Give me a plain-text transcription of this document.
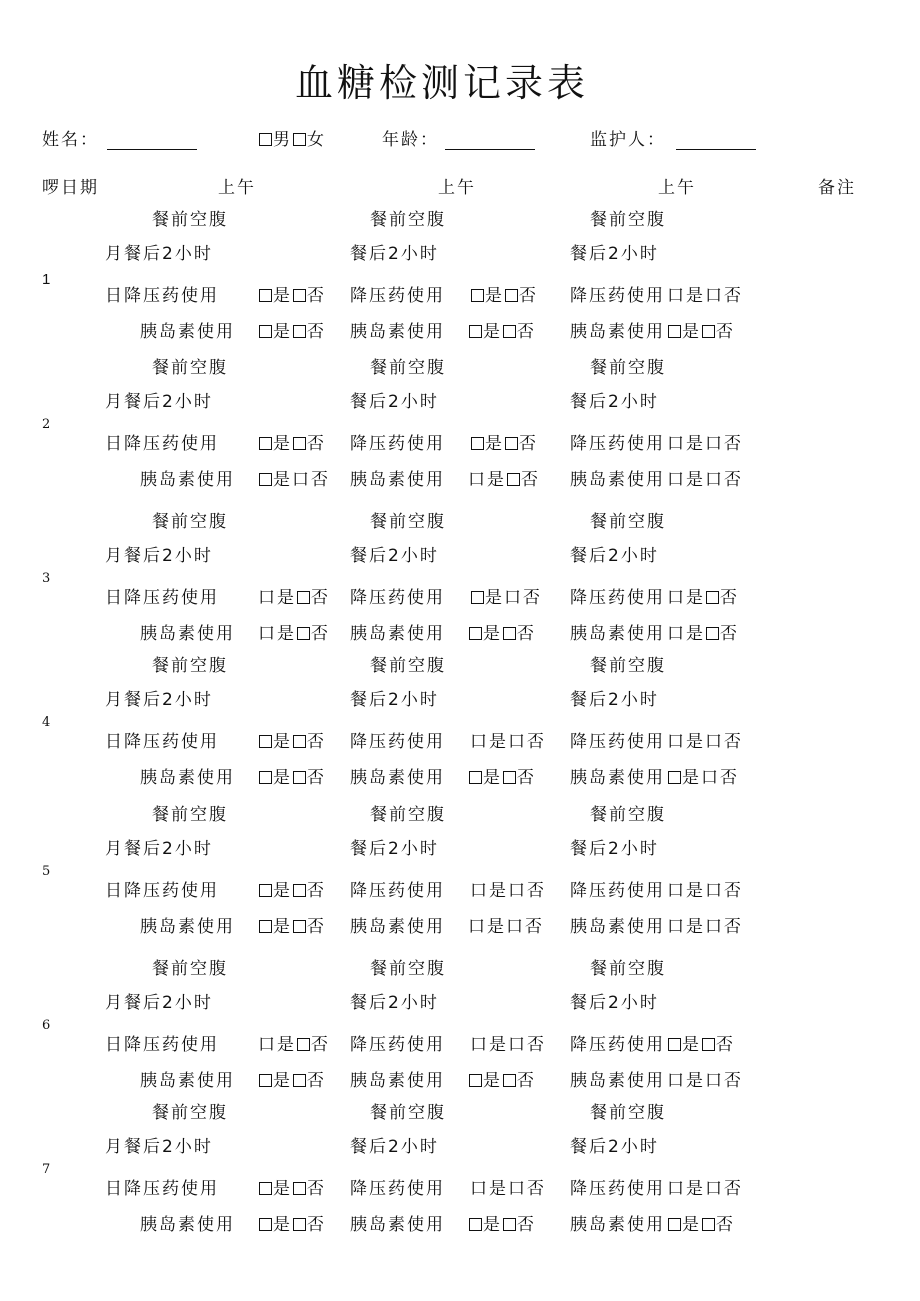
血糖检测记录表
姓名：	男 女	年龄：	监护人：
啰日期	上午	上午	上午	备注
1
餐前空腹	餐前空腹	餐前空腹
月餐后2小时	餐后2小时	餐后2小时
日降压药使用	是 否 降压药使用	是 否 降压药使用 口是口否
胰岛素使用	是 否 胰岛素使用	是 否 胰岛素使用	是 否
2
餐前空腹	餐前空腹	餐前空腹
月餐后2小时	餐后2小时	餐后2小时
日降压药使用	是 否 降压药使用	是 否 降压药使用 口是口否
胰岛素使用	是口否 胰岛素使用 口是 否 胰岛素使用 口是口否
3
餐前空腹	餐前空腹	餐前空腹
月餐后2小时	餐后2小时	餐后2小时
日降压药使用 口是 否 降压药使用	是口否 降压药使用 口是 否
胰岛素使用 口是 否 胰岛素使用	是 否 胰岛素使用 口是 否
4
餐前空腹	餐前空腹	餐前空腹
月餐后2小时	餐后2小时	餐后2小时
日降压药使用	是 否 降压药使用 口是口否 降压药使用 口是口否
胰岛素使用	是 否 胰岛素使用	是 否 胰岛素使用	是口否
5
餐前空腹	餐前空腹	餐前空腹
月餐后2小时	餐后2小时	餐后2小时
日降压药使用	是 否 降压药使用 口是口否 降压药使用 口是口否
胰岛素使用	是 否 胰岛素使用 口是口否 胰岛素使用 口是口否
6
餐前空腹	餐前空腹	餐前空腹
月餐后2小时	餐后2小时	餐后2小时
日降压药使用 口是 否 降压药使用 口是口否 降压药使用	是 否
胰岛素使用	是 否 胰岛素使用	是 否 胰岛素使用 口是口否
7
餐前空腹	餐前空腹	餐前空腹
月餐后2小时	餐后2小时	餐后2小时
日降压药使用	是 否 降压药使用 口是口否 降压药使用 口是口否
胰岛素使用	是 否 胰岛素使用	是 否 胰岛素使用	是 否
